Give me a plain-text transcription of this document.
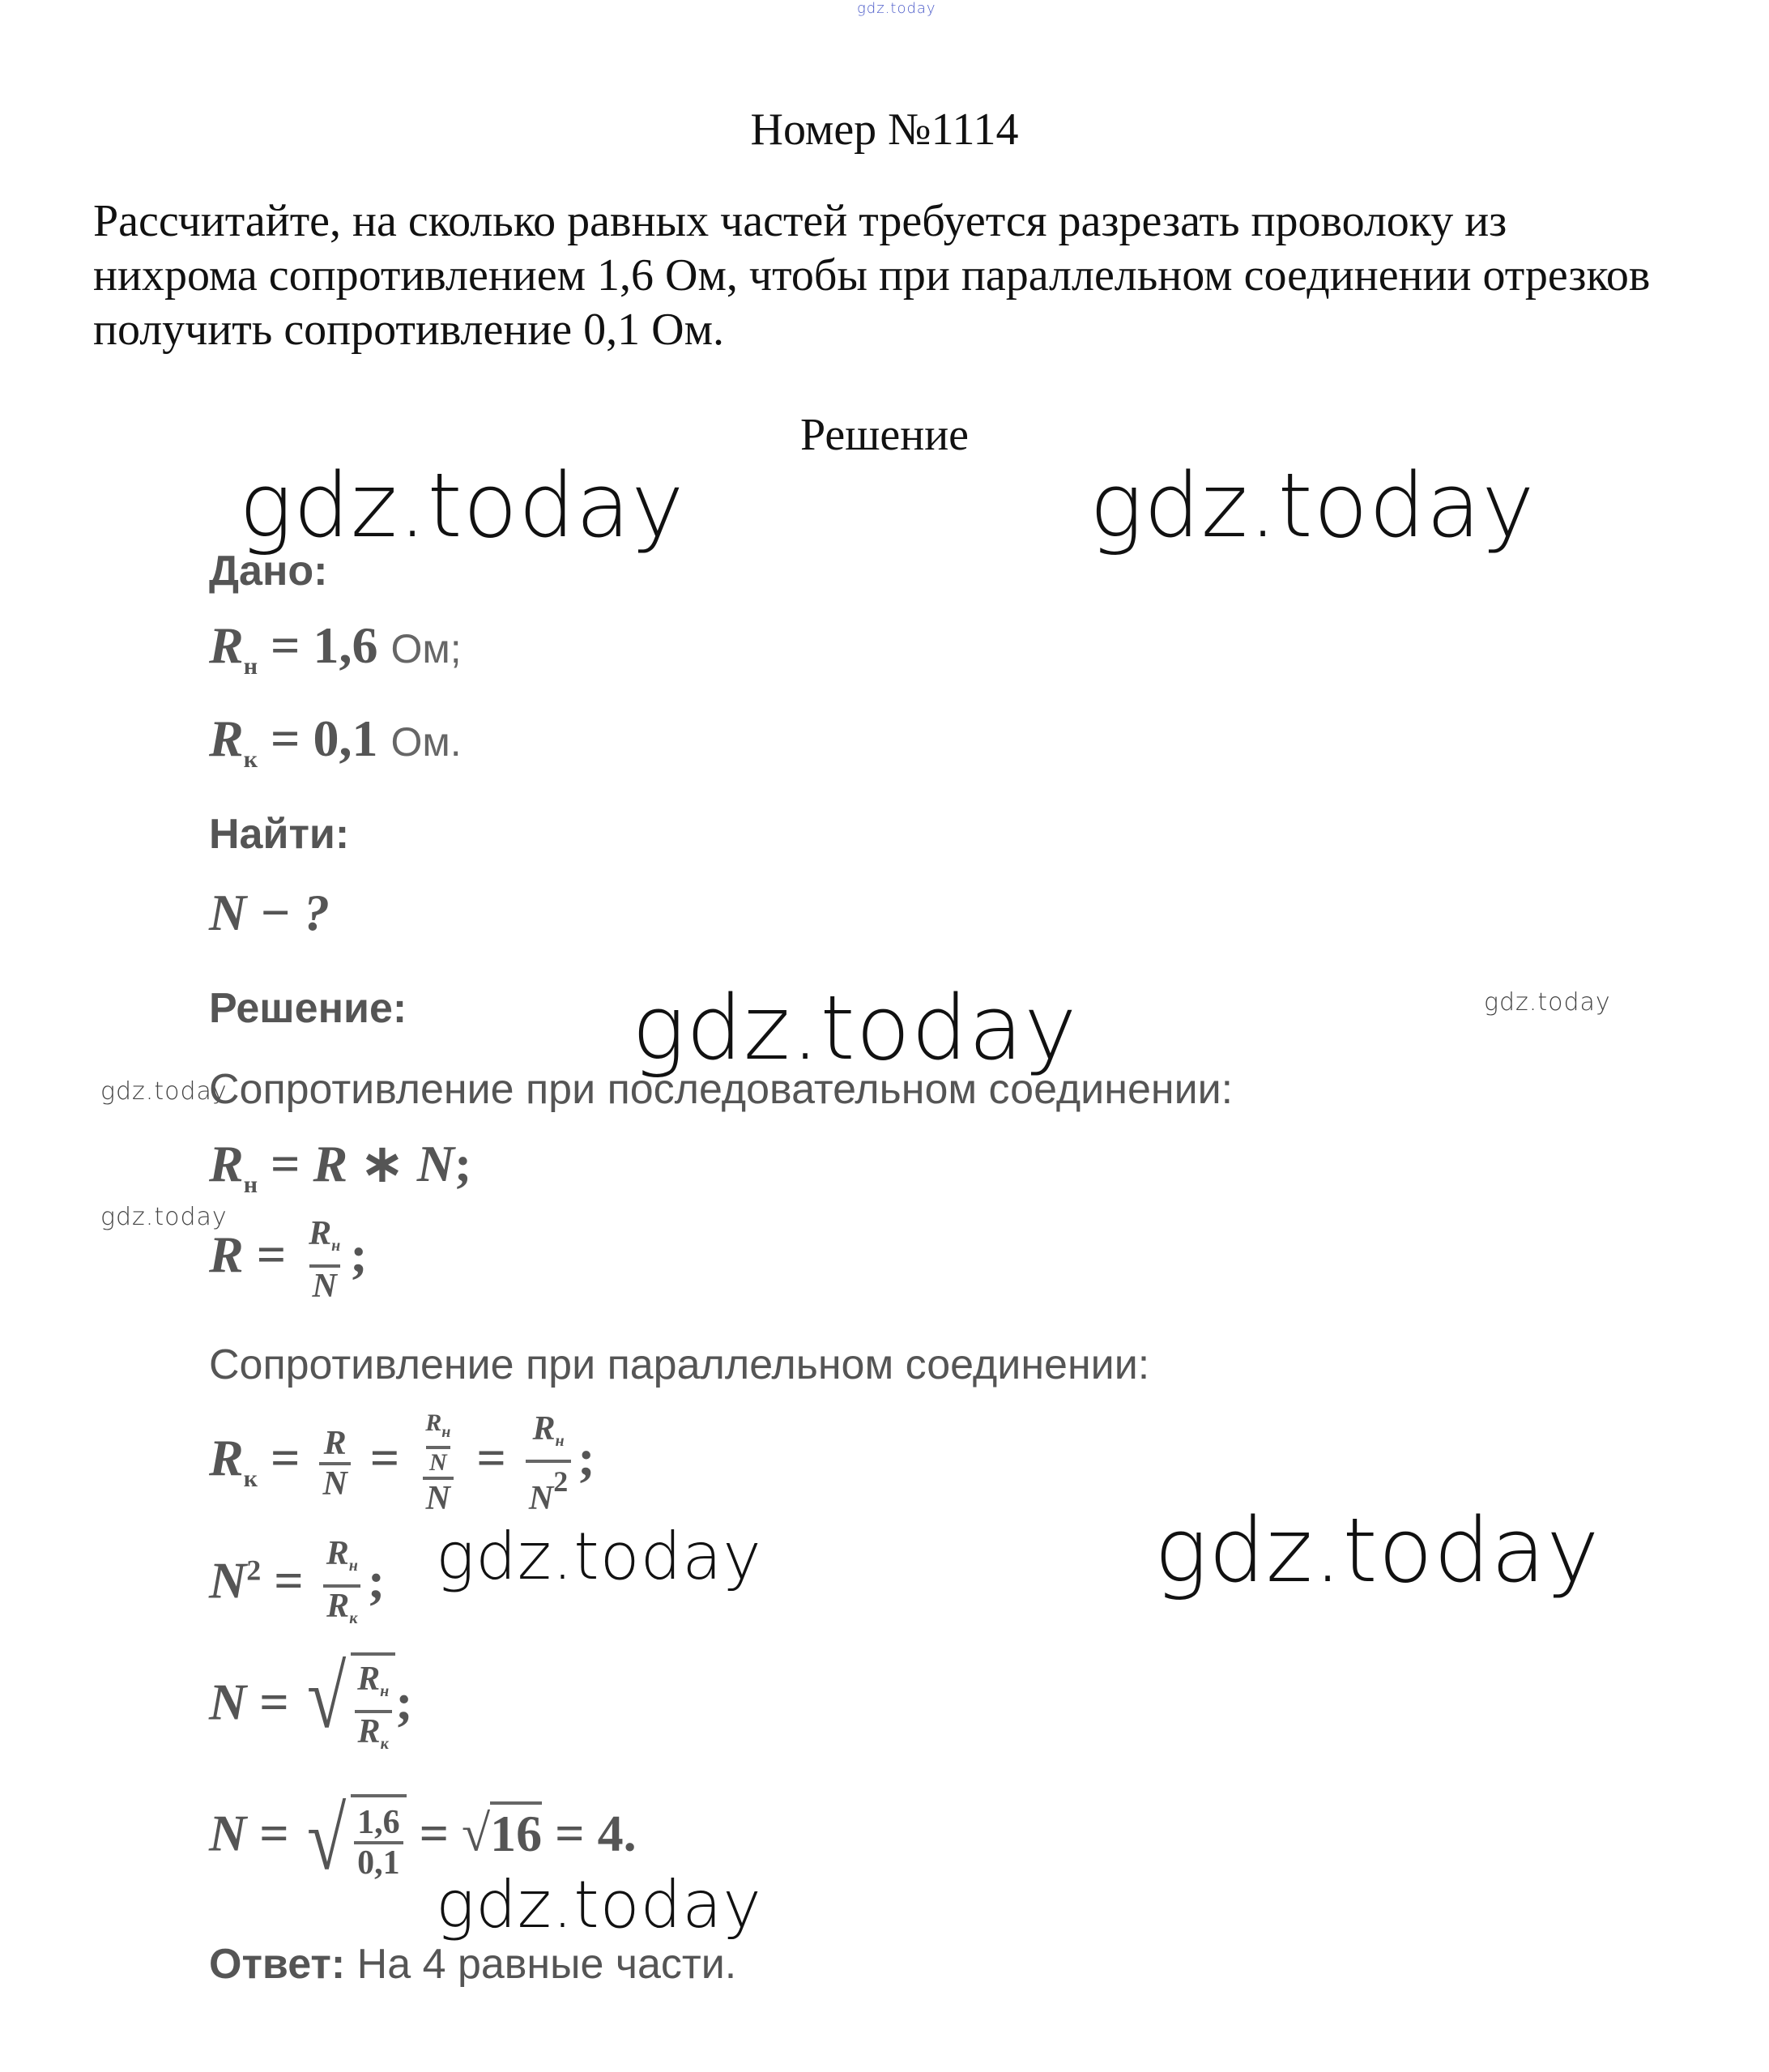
gdz.today
gdz.today	gdz.today
gdz.today	gdz.today
gdz.today
gdz.today
gdz.today	gdz.today
gdz.today
Номер №1114
Рассчитайте, на сколько равных частей требуется разрезать проволоку из нихрома сопротивлением 1,6 Ом, чтобы при параллельном соединении отрезков получить сопротивление 0,1 Ом.
Решение
Дано:
$R_н = 1,6$ Ом;
$R_к = 0,1$ Ом.
Найти:
N − ?
Решение:
Сопротивление при последовательном соединении:
$R_н = R$ ∗ N;
$R = \frac{R_н}{N}$ ;
Сопротивление при параллельном соединении:
$R_к = \frac{R}{N} = \frac{\frac{R_н}{N}}{N} = \frac{R_н}{N2}$ ;
$N^2 = \frac{R_н}{R_к}$ ;
N = √ $\frac{R_н}{R_к}$ ;
N = √ $\frac{1,6}{0,1} = √16 = 4$.
Ответ: На 4 равные части.
